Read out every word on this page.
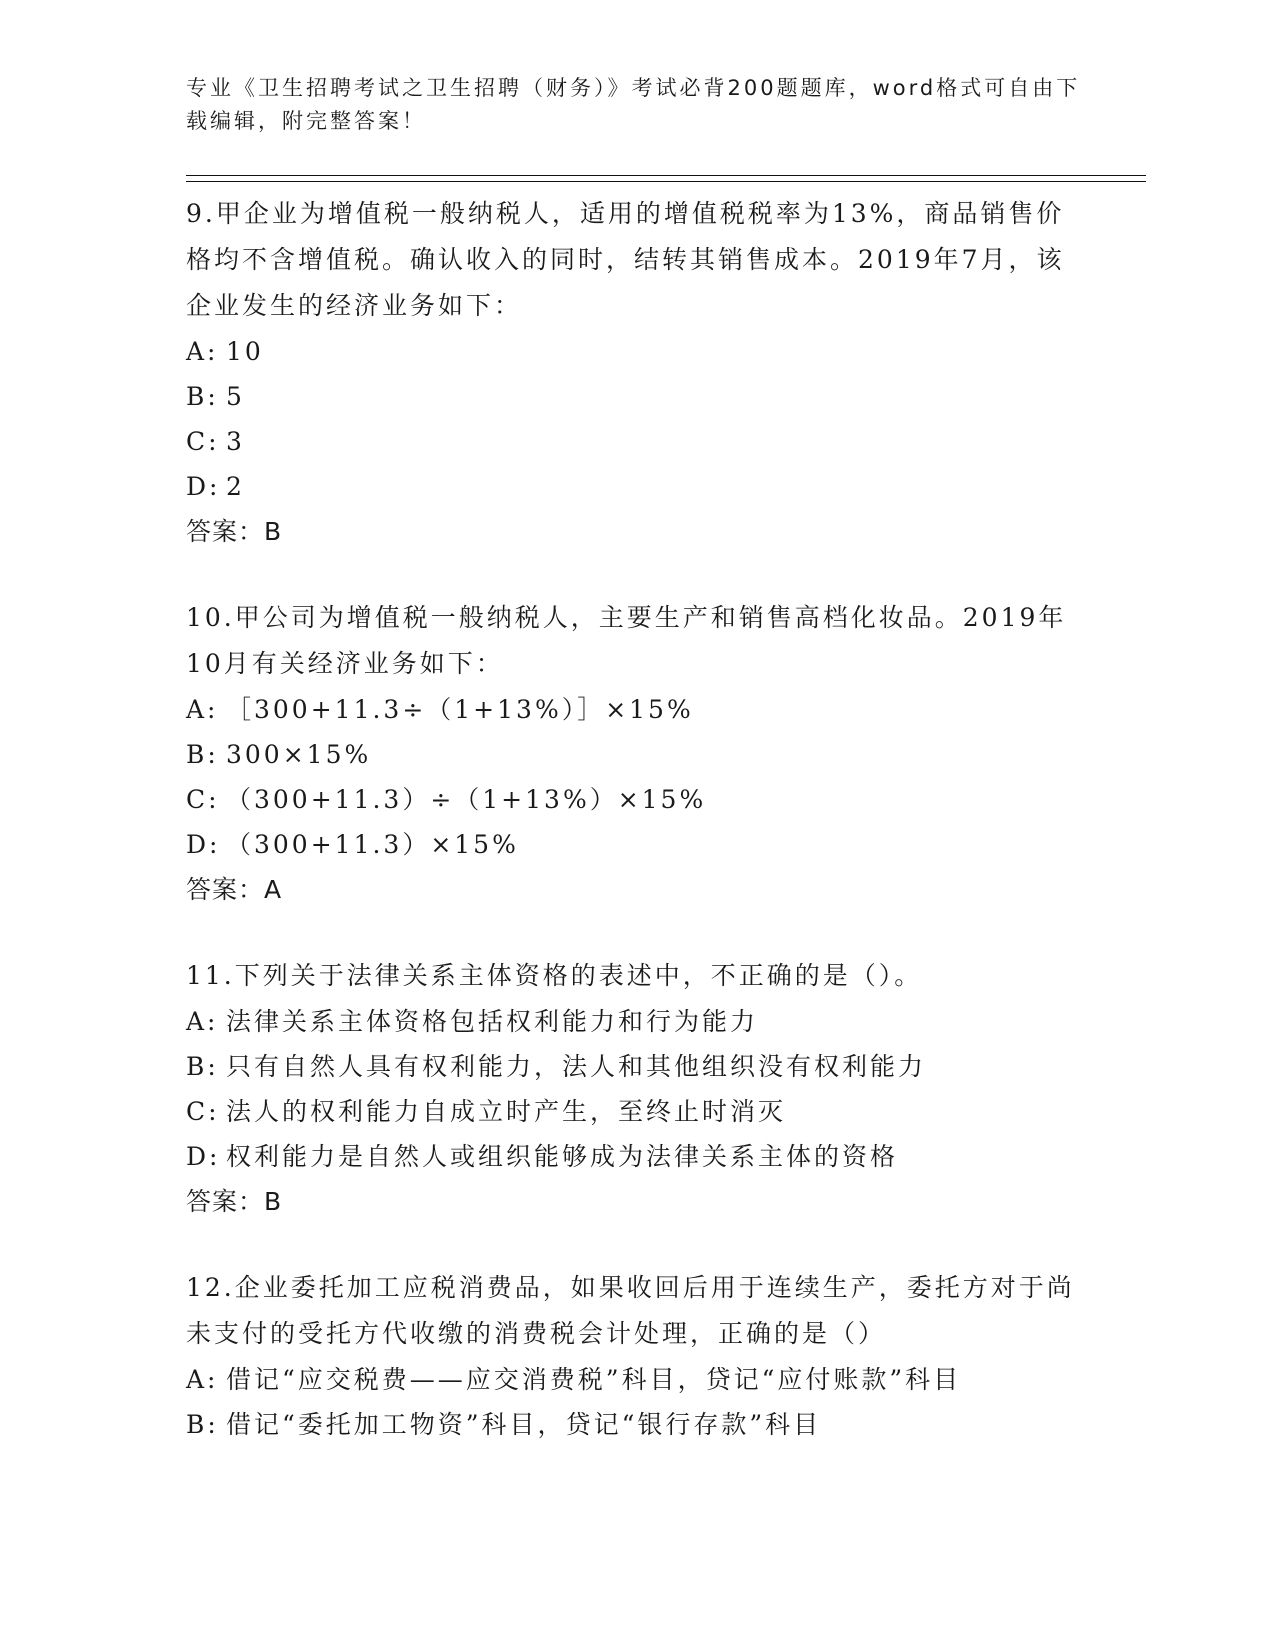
专业《卫生招聘考试之卫生招聘（财务）》考试必背200题题库，word格式可自由下载编辑，附完整答案！
9.甲企业为增值税一般纳税人，适用的增值税税率为13%，商品销售价格均不含增值税。确认收入的同时，结转其销售成本。2019年7月，该企业发生的经济业务如下：
A: 10
B: 5
C: 3
D: 2
答案：B
10.甲公司为增值税一般纳税人，主要生产和销售高档化妆品。2019年10月有关经济业务如下：
A: ［300+11.3÷（1+13%）］×15%
B: 300×15%
C: （300+11.3）÷（1+13%）×15%
D: （300+11.3）×15%
答案：A
11.下列关于法律关系主体资格的表述中，不正确的是（）。
A: 法律关系主体资格包括权利能力和行为能力
B: 只有自然人具有权利能力，法人和其他组织没有权利能力
C: 法人的权利能力自成立时产生，至终止时消灭
D: 权利能力是自然人或组织能够成为法律关系主体的资格
答案：B
12.企业委托加工应税消费品，如果收回后用于连续生产，委托方对于尚未支付的受托方代收缴的消费税会计处理，正确的是（）
A: 借记“应交税费——应交消费税”科目，贷记“应付账款”科目
B: 借记“委托加工物资”科目，贷记“银行存款”科目
